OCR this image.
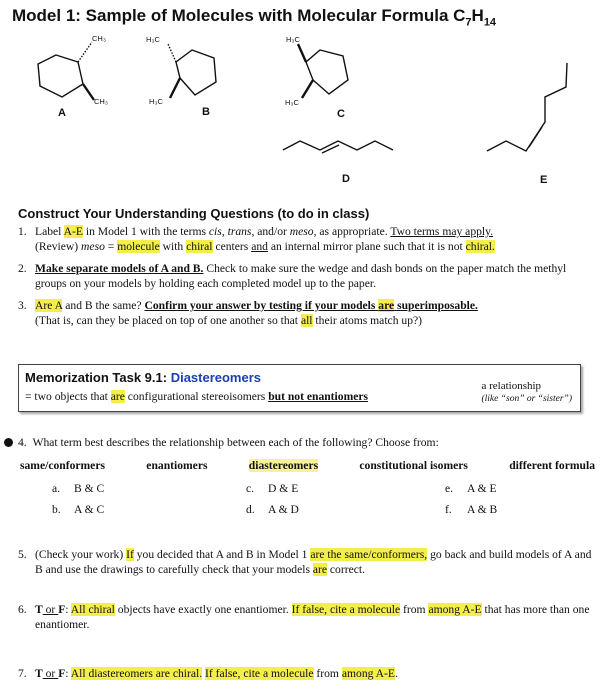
Model 1: Sample of Molecules with Molecular Formula $C_7H_{14}$
CH₃
CH₃
A
H₃C
H₃C
B
H₃C
H₃C
C
D	E
Construct Your Understanding Questions (to do in class)
1. Label A-E in Model 1 with the terms cis, trans, and/or meso, as appropriate. Two terms may apply.
(Review) meso = molecule with chiral centers and an internal mirror plane such that it is not chiral.
2. Make separate models of A and B. Check to make sure the wedge and dash bonds on the paper match the methyl groups on your models by holding each completed model up to the paper.
3. Are A and B the same? Confirm your answer by testing if your models are superimposable.
(That is, can they be placed on top of one another so that all their atoms match up?)
Memorization Task 9.1: Diastereomers
= two objects that are configurational stereoisomers but not enantiomers
a relationship
(like “son” or “sister”)
4. What term best describes the relationship between each of the following? Choose from:
same/conformers	enantiomers	diastereomers	constitutional isomers	different formula
a. B & C
b. A & C
c. D & E
d. A & D
e. A & E
f. A & B
5. (Check your work) If you decided that A and B in Model 1 are the same/conformers, go back and build models of A and B and use the drawings to carefully check that your models are correct.
6. T or F: All chiral objects have exactly one enantiomer. If false, cite a molecule from among A-E that has more than one enantiomer.
7. T or F: All diastereomers are chiral. If false, cite a molecule from among A-E.
